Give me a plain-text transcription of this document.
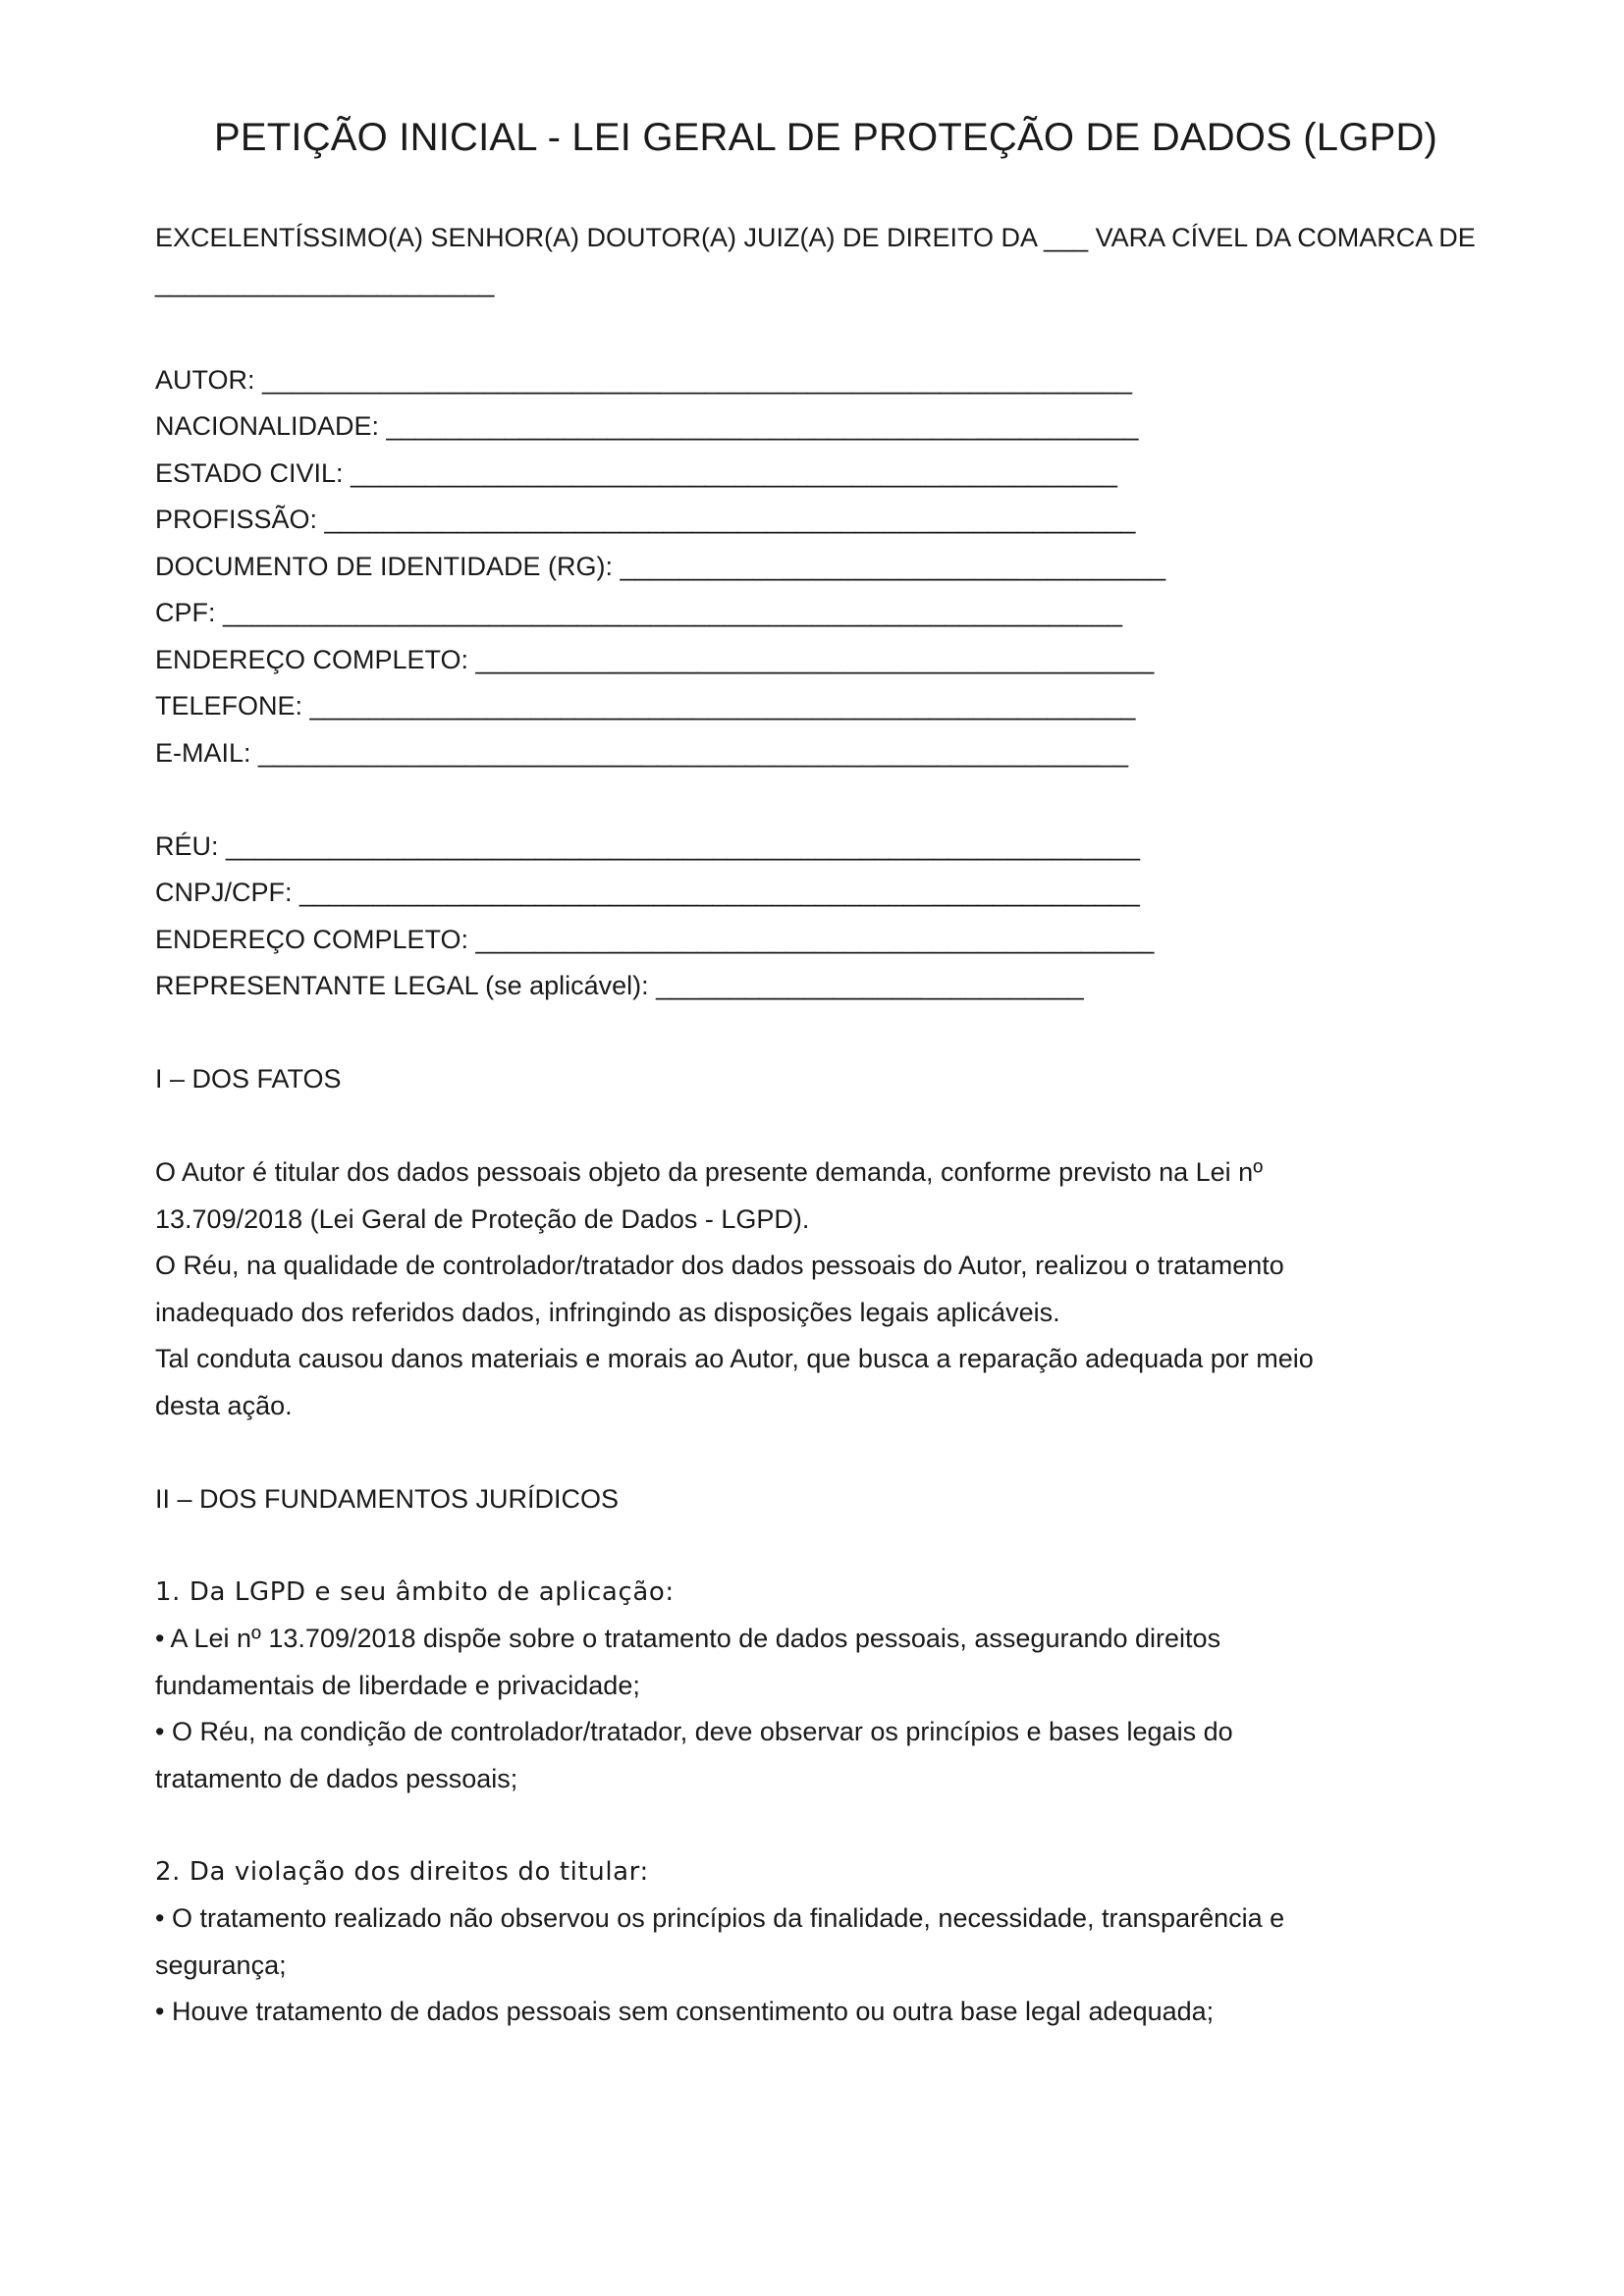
PETIÇÃO INICIAL - LEI GERAL DE PROTEÇÃO DE DADOS (LGPD)
EXCELENTÍSSIMO(A) SENHOR(A) DOUTOR(A) JUIZ(A) DE DIREITO DA ___ VARA CÍVEL DA COMARCA DE
_______________________
AUTOR: ___________________________________________________________
NACIONALIDADE: ___________________________________________________
ESTADO CIVIL: ____________________________________________________
PROFISSÃO: _______________________________________________________
DOCUMENTO DE IDENTIDADE (RG): _____________________________________
CPF: _____________________________________________________________
ENDEREÇO COMPLETO: ______________________________________________
TELEFONE: ________________________________________________________
E-MAIL: ___________________________________________________________
RÉU: ______________________________________________________________
CNPJ/CPF: _________________________________________________________
ENDEREÇO COMPLETO: ______________________________________________
REPRESENTANTE LEGAL (se aplicável): _____________________________
I – DOS FATOS
O Autor é titular dos dados pessoais objeto da presente demanda, conforme previsto na Lei nº
13.709/2018 (Lei Geral de Proteção de Dados - LGPD).
O Réu, na qualidade de controlador/tratador dos dados pessoais do Autor, realizou o tratamento
inadequado dos referidos dados, infringindo as disposições legais aplicáveis.
Tal conduta causou danos materiais e morais ao Autor, que busca a reparação adequada por meio
desta ação.
II – DOS FUNDAMENTOS JURÍDICOS
1. Da LGPD e seu âmbito de aplicação:
• A Lei nº 13.709/2018 dispõe sobre o tratamento de dados pessoais, assegurando direitos
fundamentais de liberdade e privacidade;
• O Réu, na condição de controlador/tratador, deve observar os princípios e bases legais do
tratamento de dados pessoais;
2. Da violação dos direitos do titular:
• O tratamento realizado não observou os princípios da finalidade, necessidade, transparência e
segurança;
• Houve tratamento de dados pessoais sem consentimento ou outra base legal adequada;
